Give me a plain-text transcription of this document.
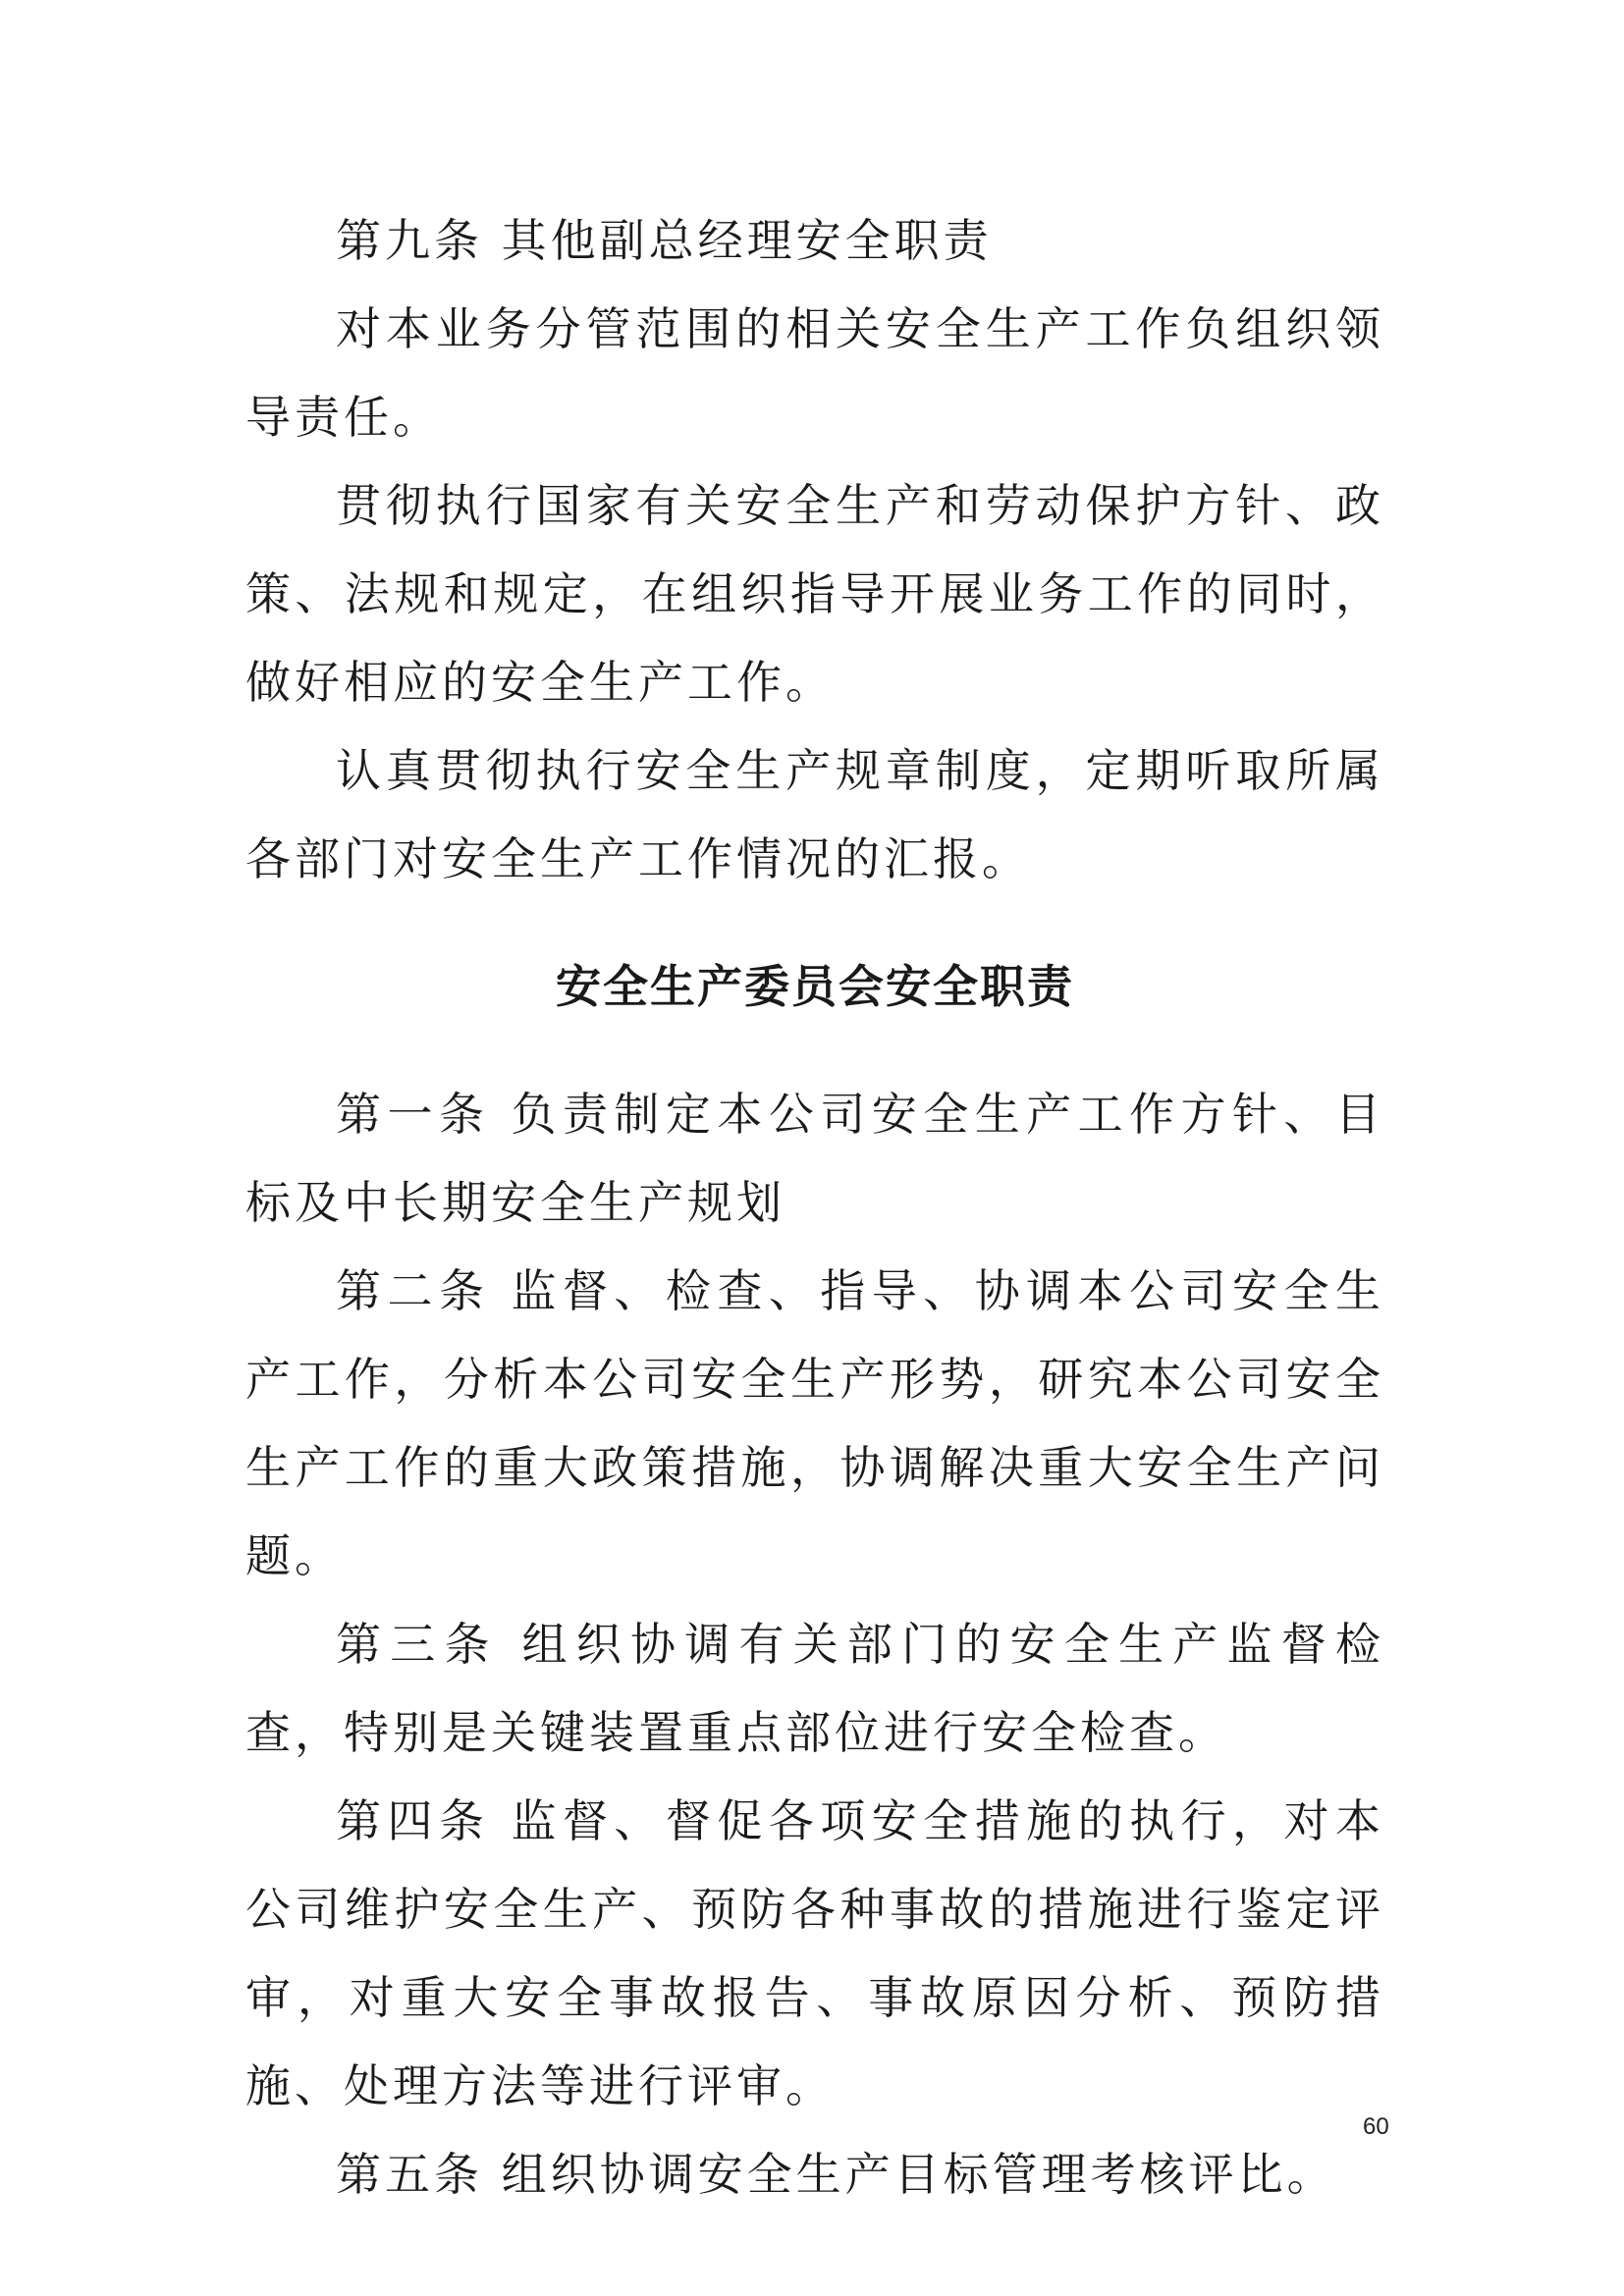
第九条 其他副总经理安全职责

对本业务分管范围的相关安全生产工作负组织领导责任。

贯彻执行国家有关安全生产和劳动保护方针、政策、法规和规定，在组织指导开展业务工作的同时，做好相应的安全生产工作。

认真贯彻执行安全生产规章制度，定期听取所属各部门对安全生产工作情况的汇报。

安全生产委员会安全职责

第一条 负责制定本公司安全生产工作方针、目标及中长期安全生产规划

第二条 监督、检查、指导、协调本公司安全生产工作，分析本公司安全生产形势，研究本公司安全生产工作的重大政策措施，协调解决重大安全生产问题。

第三条 组织协调有关部门的安全生产监督检查，特别是关键装置重点部位进行安全检查。

第四条 监督、督促各项安全措施的执行，对本公司维护安全生产、预防各种事故的措施进行鉴定评审，对重大安全事故报告、事故原因分析、预防措施、处理方法等进行评审。

第五条 组织协调安全生产目标管理考核评比。

60
